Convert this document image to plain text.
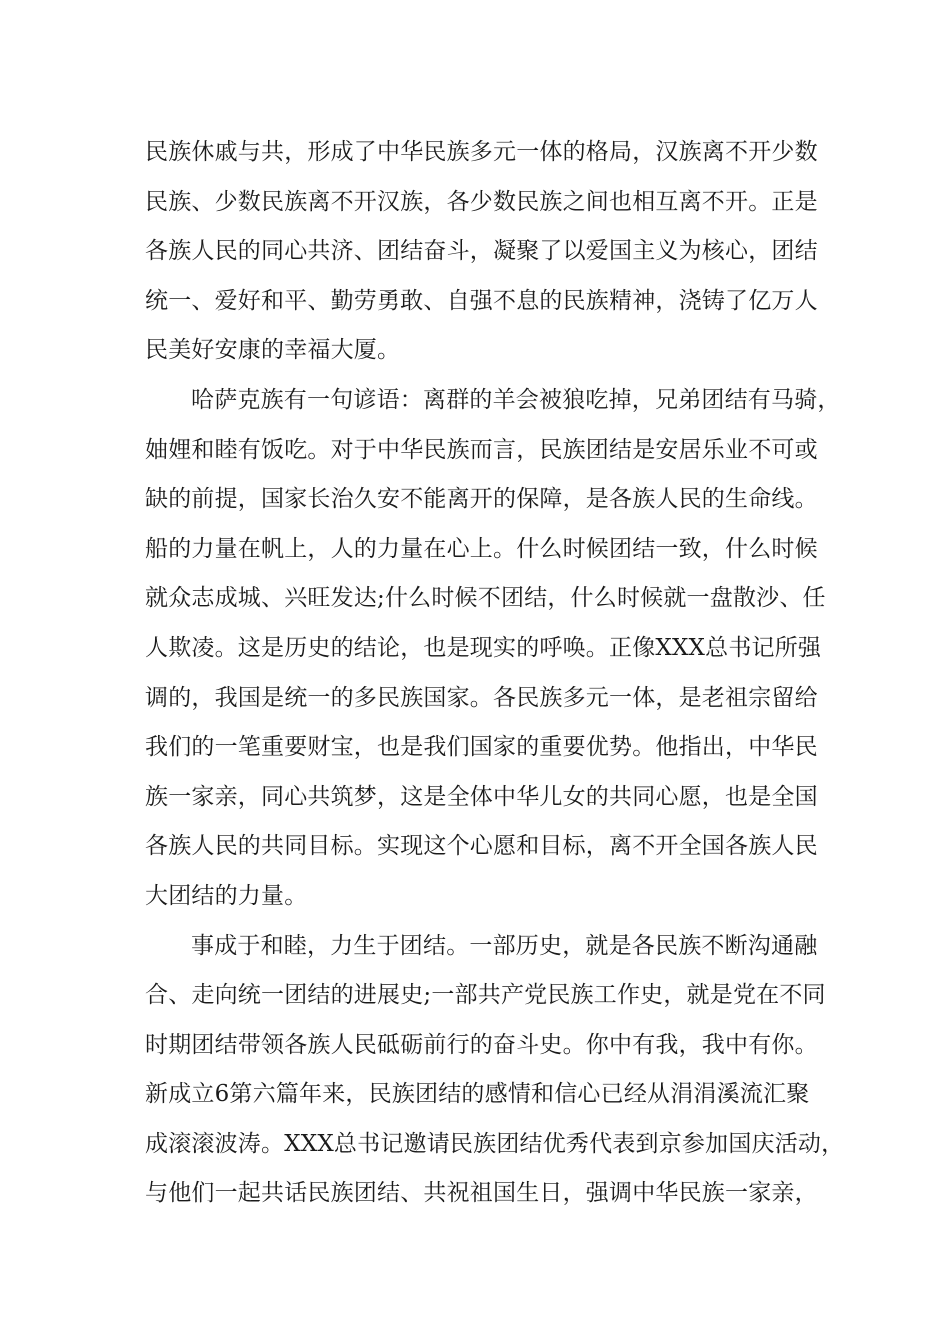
民族休戚与共，形成了中华民族多元一体的格局，汉族离不开少数
民族、少数民族离不开汉族，各少数民族之间也相互离不开。正是
各族人民的同心共济、团结奋斗，凝聚了以爱国主义为核心，团结
统一、爱好和平、勤劳勇敢、自强不息的民族精神，浇铸了亿万人
民美好安康的幸福大厦。
哈萨克族有一句谚语：离群的羊会被狼吃掉，兄弟团结有马骑，
妯娌和睦有饭吃。对于中华民族而言，民族团结是安居乐业不可或
缺的前提，国家长治久安不能离开的保障，是各族人民的生命线。
船的力量在帆上，人的力量在心上。什么时候团结一致，什么时候
就众志成城、兴旺发达;什么时候不团结，什么时候就一盘散沙、任
人欺凌。这是历史的结论，也是现实的呼唤。正像XXX总书记所强
调的，我国是统一的多民族国家。各民族多元一体，是老祖宗留给
我们的一笔重要财宝，也是我们国家的重要优势。他指出，中华民
族一家亲，同心共筑梦，这是全体中华儿女的共同心愿，也是全国
各族人民的共同目标。实现这个心愿和目标，离不开全国各族人民
大团结的力量。
事成于和睦，力生于团结。一部历史，就是各民族不断沟通融
合、走向统一团结的进展史;一部共产党民族工作史，就是党在不同
时期团结带领各族人民砥砺前行的奋斗史。你中有我，我中有你。
新成立6第六篇年来，民族团结的感情和信心已经从涓涓溪流汇聚
成滚滚波涛。XXX总书记邀请民族团结优秀代表到京参加国庆活动，
与他们一起共话民族团结、共祝祖国生日，强调中华民族一家亲，
